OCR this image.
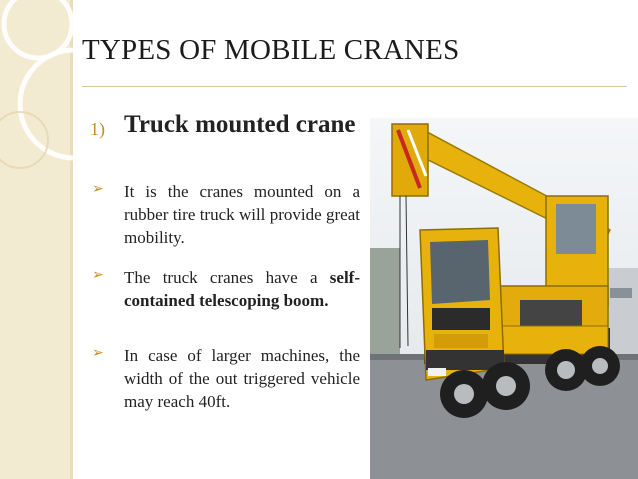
TYPES OF MOBILE CRANES
1) Truck mounted crane
➢ It is the cranes mounted on a rubber tire truck will provide great mobility.
➢ The truck cranes have a self-contained telescoping boom.
➢ In case of larger machines, the width of the out triggered vehicle may reach 40ft.
